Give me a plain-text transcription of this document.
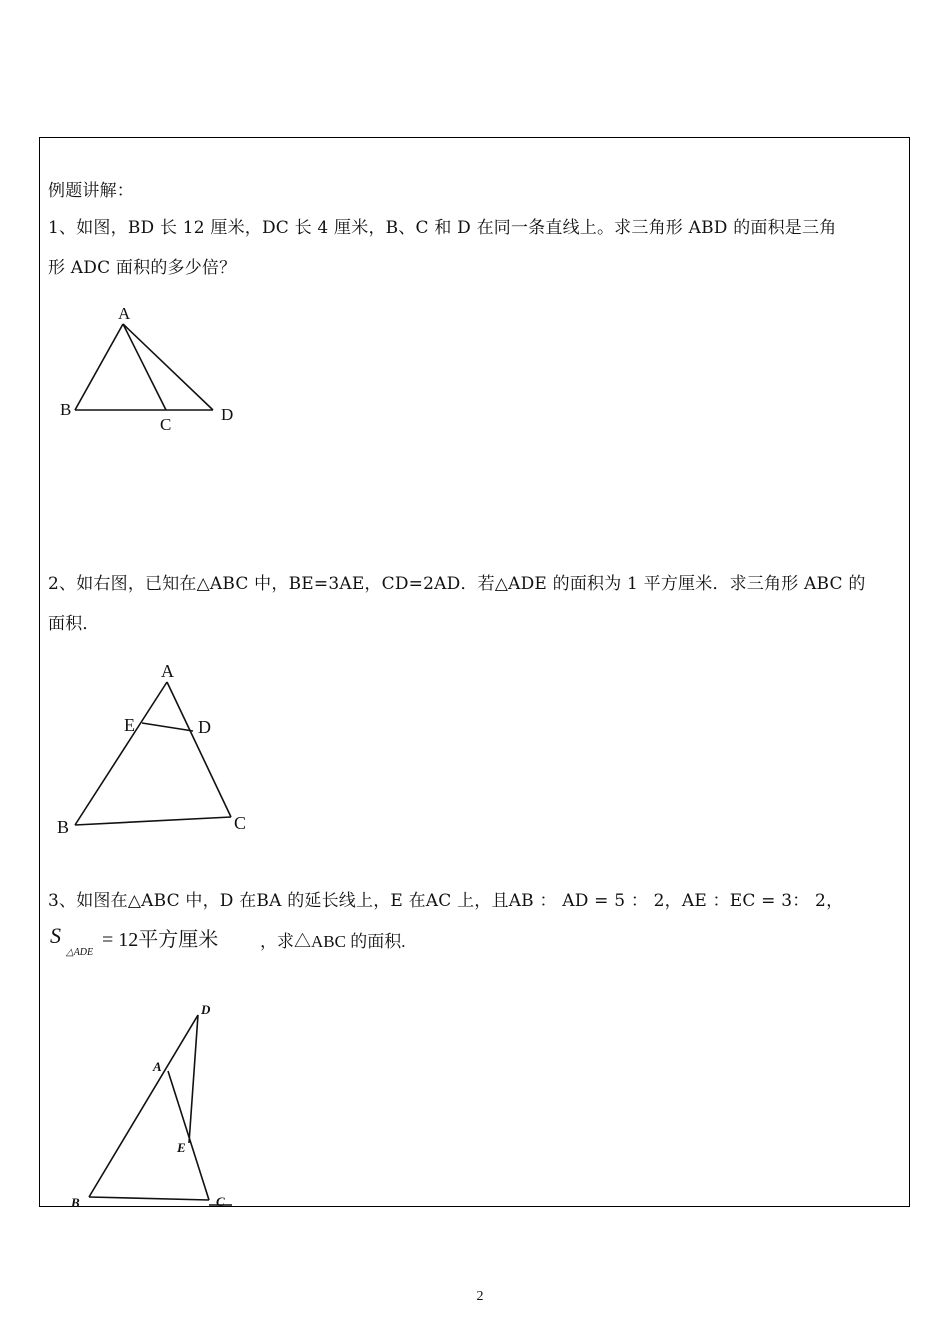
例题讲解：
1、如图，BD 长 12 厘米，DC 长 4 厘米，B、C 和 D 在同一条直线上。求三角形 ABD 的面积是三角
形 ADC 面积的多少倍？
A
B
C
D
2、如右图，已知在△ABC 中，BE=3AE，CD=2AD．若△ADE 的面积为 1 平方厘米．求三角形 ABC 的
面积．
A
B	C
D
E
3、如图在△ABC 中，D 在BA 的延长线上，E 在AC 上，且AB ： AD = 5 ： 2，AE ：EC = 3： 2，
S
△ADE
= 12平方厘米 ，求△ABC 的面积.
D
A
E
B	C
2
